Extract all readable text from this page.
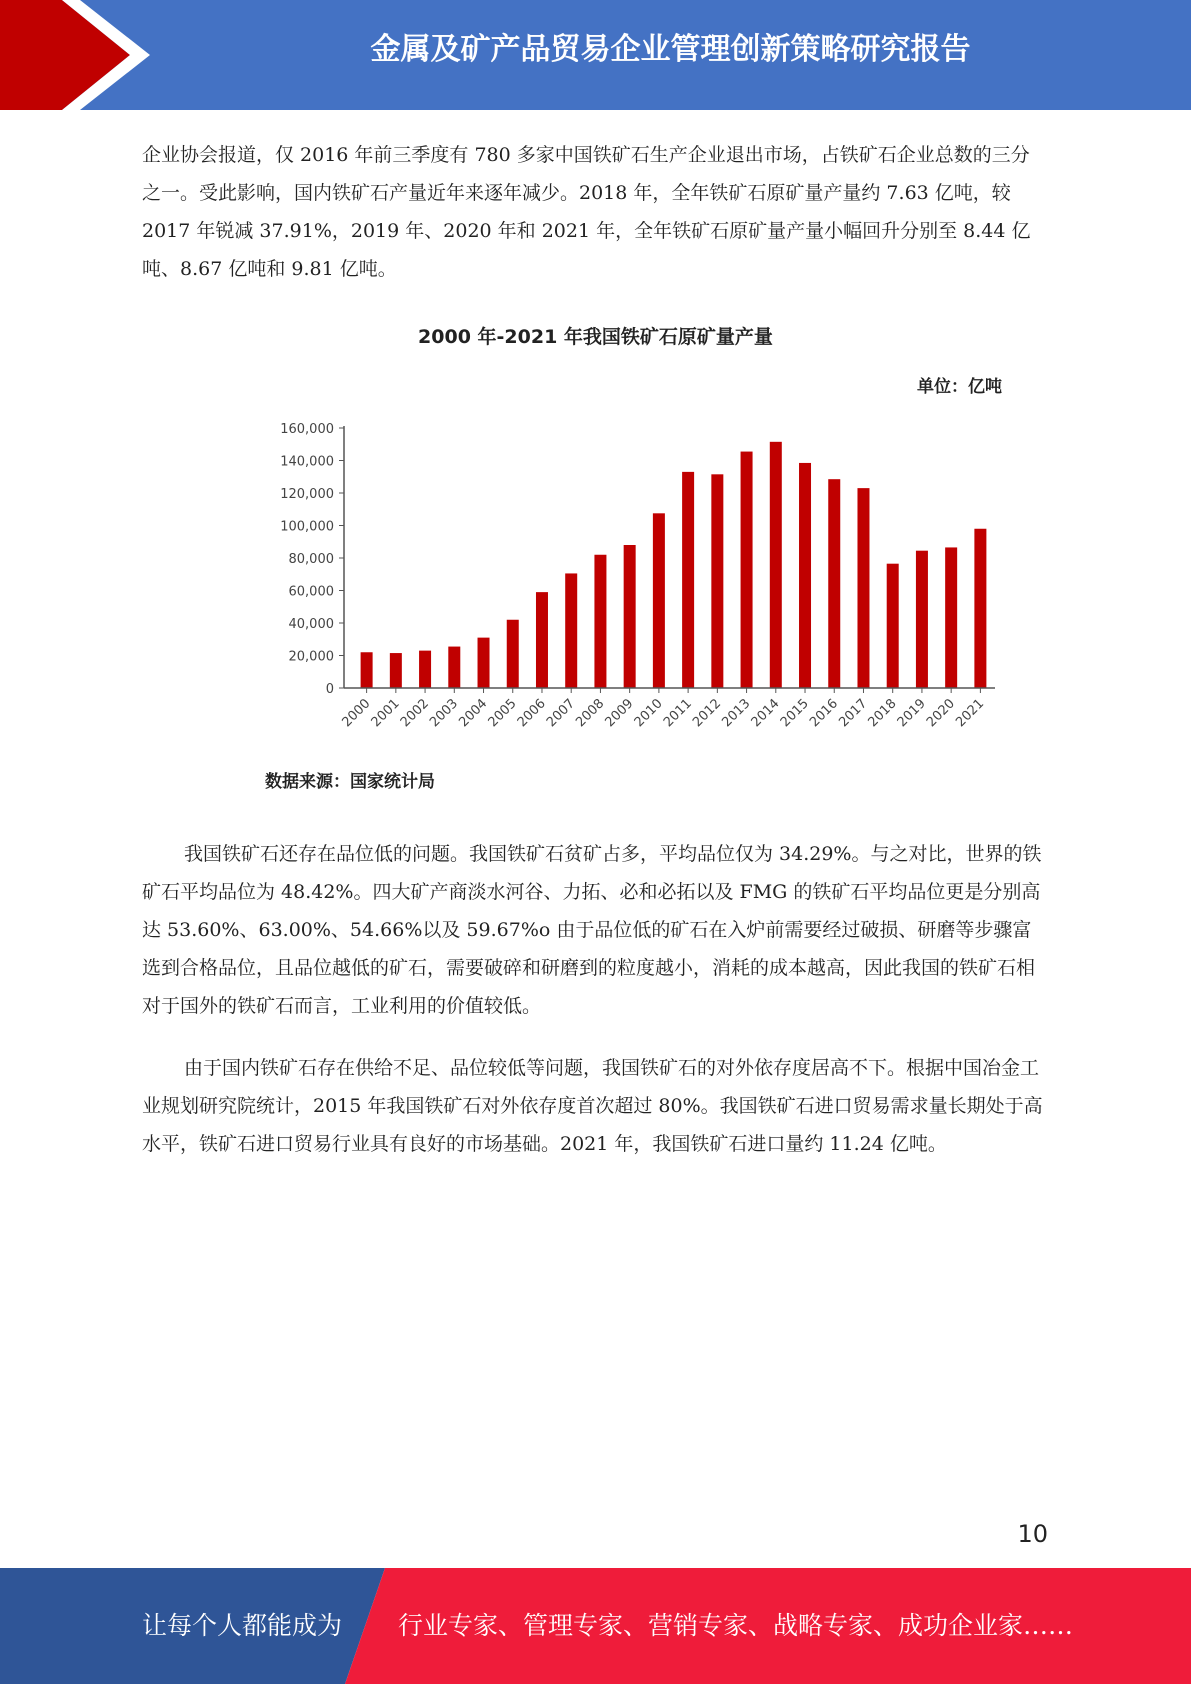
金属及矿产品贸易企业管理创新策略研究报告

企业协会报道，仅 2016 年前三季度有 780 多家中国铁矿石生产企业退出市场，占铁矿石企业总数的三分之一。受此影响，国内铁矿石产量近年来逐年减少。2018 年，全年铁矿石原矿量产量约 7.63 亿吨，较 2017 年锐减 37.91%，2019 年、2020 年和 2021 年，全年铁矿石原矿量产量小幅回升分别至 8.44 亿吨、8.67 亿吨和 9.81 亿吨。

2000 年-2021 年我国铁矿石原矿量产量
单位：亿吨
0
20,000
40,000
60,000
80,000
100,000
120,000
140,000
160,000
2000
2001
2002
2003
2004
2005
2006
2007
2008
2009
2010
2011
2012
2013
2014
2015
2016
2017
2018
2019
2020
2021
数据来源：国家统计局

我国铁矿石还存在品位低的问题。我国铁矿石贫矿占多，平均品位仅为 34.29%。与之对比，世界的铁矿石平均品位为 48.42%。四大矿产商淡水河谷、力拓、必和必拓以及 FMG 的铁矿石平均品位更是分别高达 53.60%、63.00%、54.66%以及 59.67%o 由于品位低的矿石在入炉前需要经过破损、研磨等步骤富选到合格品位，且品位越低的矿石，需要破碎和研磨到的粒度越小，消耗的成本越高，因此我国的铁矿石相对于国外的铁矿石而言，工业利用的价值较低。

由于国内铁矿石存在供给不足、品位较低等问题，我国铁矿石的对外依存度居高不下。根据中国冶金工业规划研究院统计，2015 年我国铁矿石对外依存度首次超过 80%。我国铁矿石进口贸易需求量长期处于高水平，铁矿石进口贸易行业具有良好的市场基础。2021 年，我国铁矿石进口量约 11.24 亿吨。

10
让每个人都能成为 行业专家、管理专家、营销专家、战略专家、成功企业家……
